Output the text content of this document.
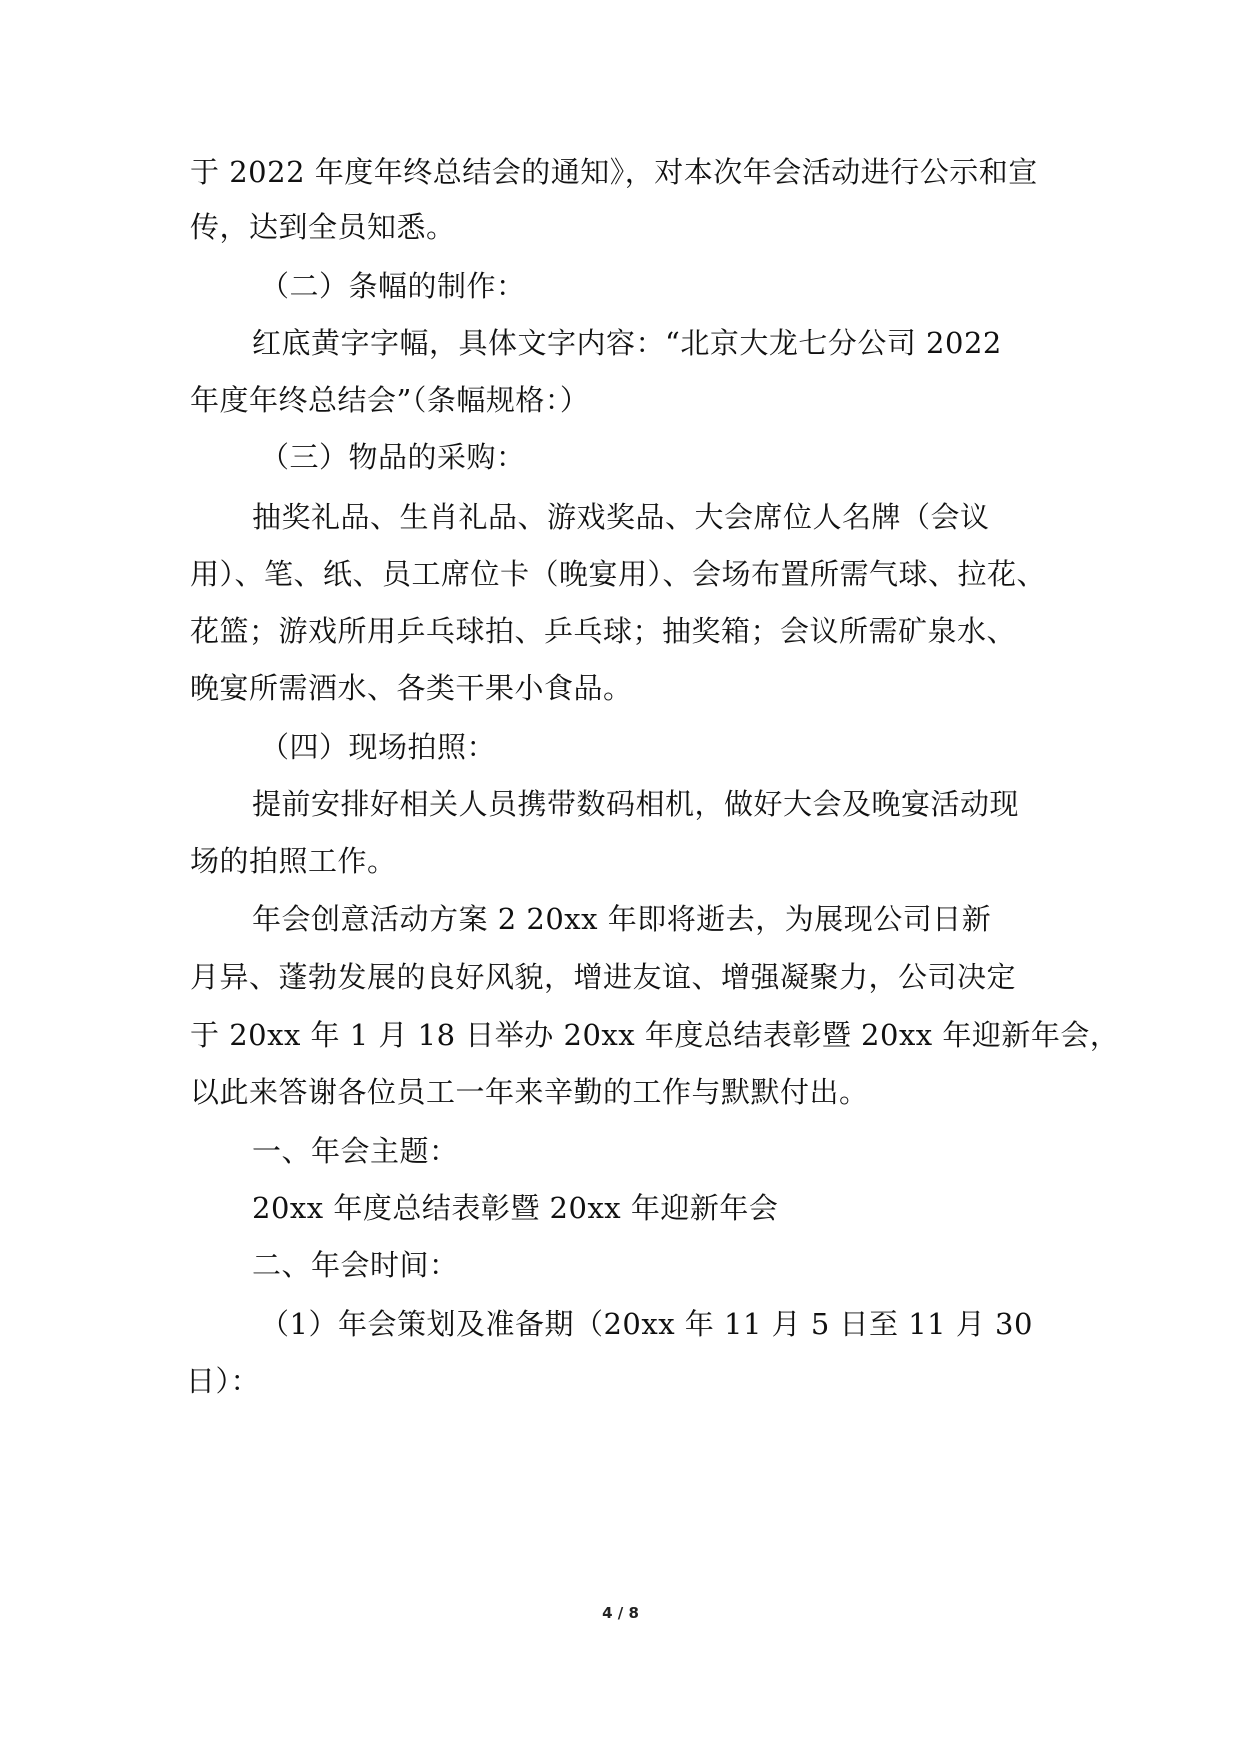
于 2022 年度年终总结会的通知》，对本次年会活动进行公示和宣
传，达到全员知悉。
（二）条幅的制作：
红底黄字字幅，具体文字内容：“北京大龙七分公司 2022
年度年终总结会”（条幅规格：）
（三）物品的采购：
抽奖礼品、生肖礼品、游戏奖品、大会席位人名牌（会议
用）、笔、纸、员工席位卡（晚宴用）、会场布置所需气球、拉花、
花篮；游戏所用乒乓球拍、乒乓球；抽奖箱；会议所需矿泉水、
晚宴所需酒水、各类干果小食品。
（四）现场拍照：
提前安排好相关人员携带数码相机，做好大会及晚宴活动现
场的拍照工作。
年会创意活动方案 2 20xx 年即将逝去，为展现公司日新
月异、蓬勃发展的良好风貌，增进友谊、增强凝聚力，公司决定
于 20xx 年 1 月 18 日举办 20xx 年度总结表彰暨 20xx 年迎新年会，
以此来答谢各位员工一年来辛勤的工作与默默付出。
一、年会主题：
20xx 年度总结表彰暨 20xx 年迎新年会
二、年会时间：
（1）年会策划及准备期（20xx 年 11 月 5 日至 11 月 30
日）：
4 / 8
